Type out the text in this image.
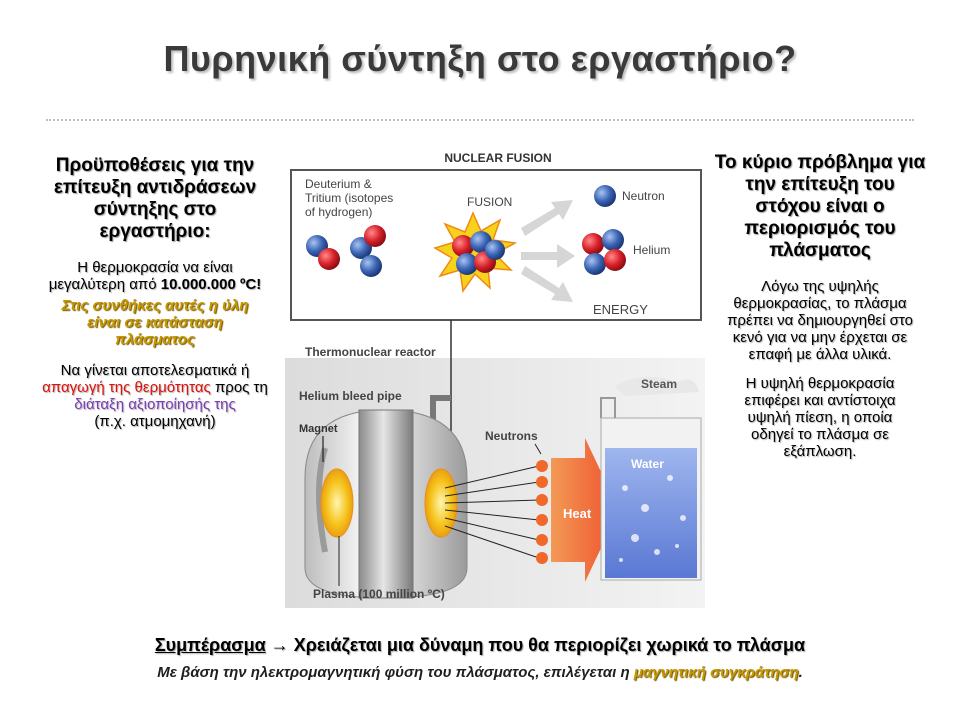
Πυρηνική σύντηξη στο εργαστήριο?
Προϋποθέσεις για την επίτευξη αντιδράσεων σύντηξης στο εργαστήριο:
Η θερμοκρασία να είναι μεγαλύτερη από 10.000.000 ºC!
Στις συνθήκες αυτές η ύλη είναι σε κατάσταση πλάσματος
Να γίνεται αποτελεσματικά ή απαγωγή της θερμότητας προς τη διάταξη αξιοποίησής της
(π.χ. ατμομηχανή)
Το κύριο πρόβλημα για την επίτευξη του στόχου είναι ο περιορισμός του πλάσματος
Λόγω της υψηλής θερμοκρασίας, το πλάσμα πρέπει να δημιουργηθεί στο κενό για να μην έρχεται σε επαφή με άλλα υλικά.
Η υψηλή θερμοκρασία επιφέρει και αντίστοιχα υψηλή πίεση, η οποία οδηγεί το πλάσμα σε εξάπλωση.
NUCLEAR FUSION
Deuterium & Tritium (isotopes of hydrogen)
FUSION	Neutron
Helium
ENERGY
Thermonuclear reactor
Helium bleed pipe
Magnet	Neutrons
Heat
Water
Steam
Plasma (100 million ºC)
Συμπέρασμα → Χρειάζεται μια δύναμη που θα περιορίζει χωρικά το πλάσμα
Με βάση την ηλεκτρομαγνητική φύση του πλάσματος, επιλέγεται η μαγνητική συγκράτηση.
